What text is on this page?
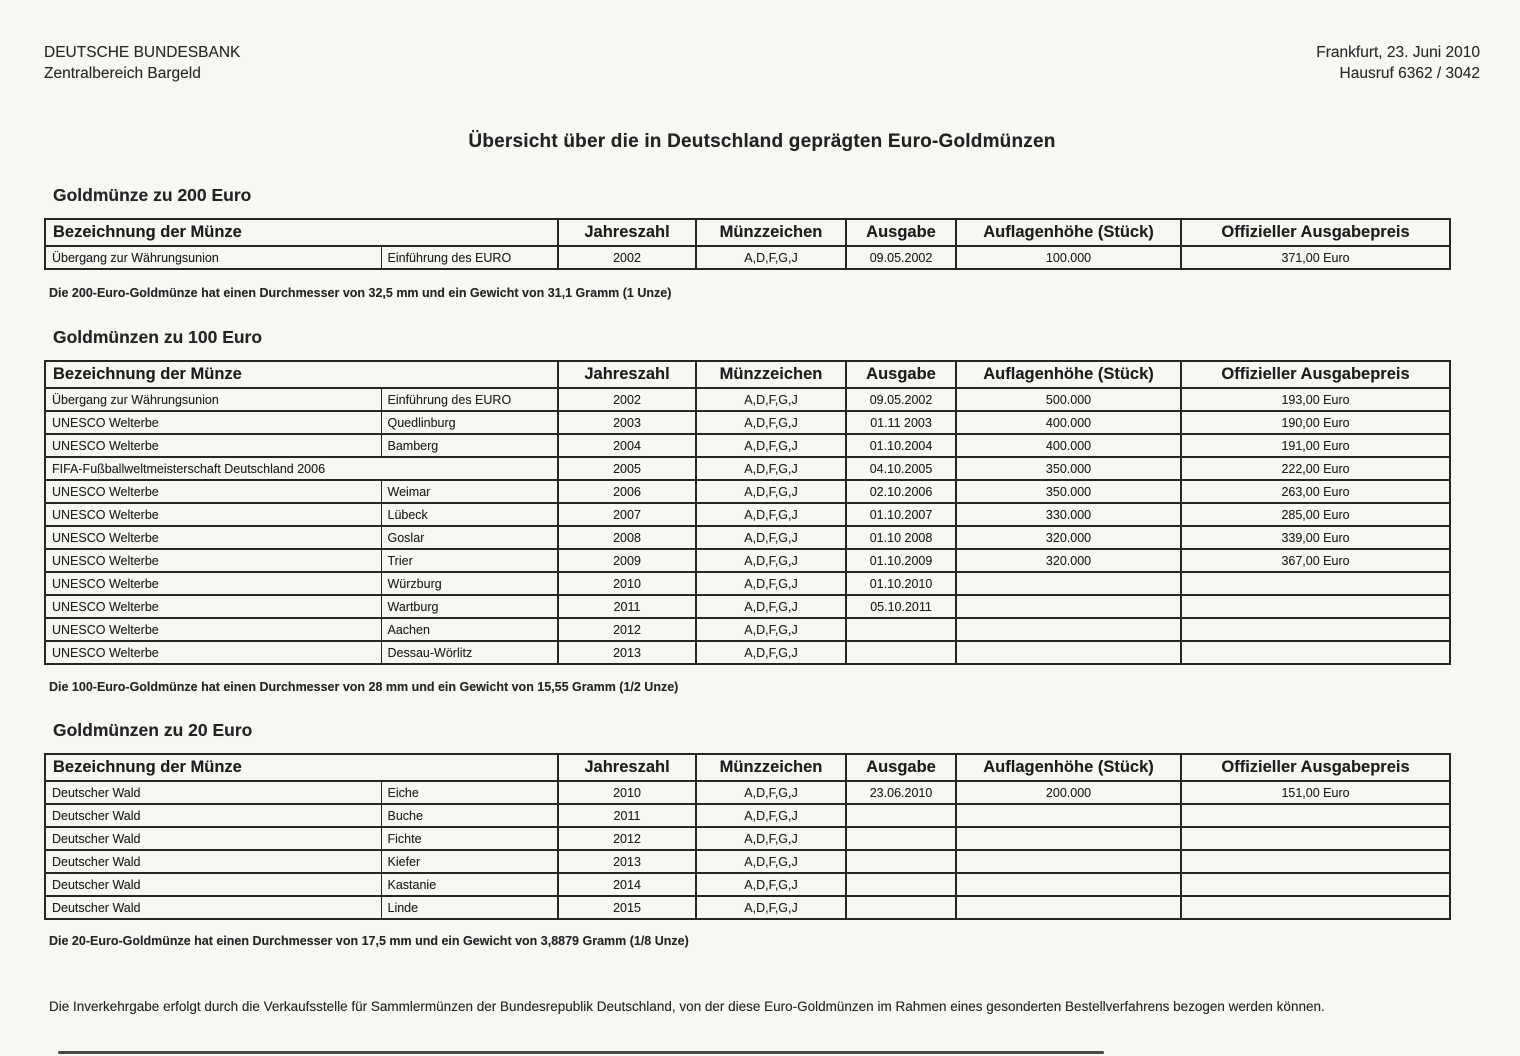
DEUTSCHE BUNDESBANK
Zentralbereich Bargeld
Frankfurt, 23. Juni 2010
Hausruf 6362 / 3042
Übersicht über die in Deutschland geprägten Euro-Goldmünzen
Goldmünze zu 200 Euro
Bezeichnung der Münze		Jahreszahl	Münzzeichen	Ausgabe	Auflagenhöhe (Stück)	Offizieller Ausgabepreis
Übergang zur Währungsunion	Einführung des EURO	2002	A,D,F,G,J	09.05.2002	100.000	371,00 Euro
Die 200-Euro-Goldmünze hat einen Durchmesser von 32,5 mm und ein Gewicht von 31,1 Gramm (1 Unze)
Goldmünzen zu 100 Euro
Bezeichnung der Münze		Jahreszahl	Münzzeichen	Ausgabe	Auflagenhöhe (Stück)	Offizieller Ausgabepreis
Übergang zur Währungsunion	Einführung des EURO	2002	A,D,F,G,J	09.05.2002	500.000	193,00 Euro
UNESCO Welterbe	Quedlinburg	2003	A,D,F,G,J	01.11 2003	400.000	190,00 Euro
UNESCO Welterbe	Bamberg	2004	A,D,F,G,J	01.10.2004	400.000	191,00 Euro
FIFA-Fußballweltmeisterschaft Deutschland 2006		2005	A,D,F,G,J	04.10.2005	350.000	222,00 Euro
UNESCO Welterbe	Weimar	2006	A,D,F,G,J	02.10.2006	350.000	263,00 Euro
UNESCO Welterbe	Lübeck	2007	A,D,F,G,J	01.10.2007	330.000	285,00 Euro
UNESCO Welterbe	Goslar	2008	A,D,F,G,J	01.10 2008	320.000	339,00 Euro
UNESCO Welterbe	Trier	2009	A,D,F,G,J	01.10.2009	320.000	367,00 Euro
UNESCO Welterbe	Würzburg	2010	A,D,F,G,J	01.10.2010		
UNESCO Welterbe	Wartburg	2011	A,D,F,G,J	05.10.2011		
UNESCO Welterbe	Aachen	2012	A,D,F,G,J			
UNESCO Welterbe	Dessau-Wörlitz	2013	A,D,F,G,J			
Die 100-Euro-Goldmünze hat einen Durchmesser von 28 mm und ein Gewicht von 15,55 Gramm (1/2 Unze)
Goldmünzen zu 20 Euro
Bezeichnung der Münze		Jahreszahl	Münzzeichen	Ausgabe	Auflagenhöhe (Stück)	Offizieller Ausgabepreis
Deutscher Wald	Eiche	2010	A,D,F,G,J	23.06.2010	200.000	151,00 Euro
Deutscher Wald	Buche	2011	A,D,F,G,J			
Deutscher Wald	Fichte	2012	A,D,F,G,J			
Deutscher Wald	Kiefer	2013	A,D,F,G,J			
Deutscher Wald	Kastanie	2014	A,D,F,G,J			
Deutscher Wald	Linde	2015	A,D,F,G,J			
Die 20-Euro-Goldmünze hat einen Durchmesser von 17,5 mm und ein Gewicht von 3,8879 Gramm (1/8 Unze)
Die Inverkehrgabe erfolgt durch die Verkaufsstelle für Sammlermünzen der Bundesrepublik Deutschland, von der diese Euro-Goldmünzen im Rahmen eines gesonderten Bestellverfahrens bezogen werden können.
